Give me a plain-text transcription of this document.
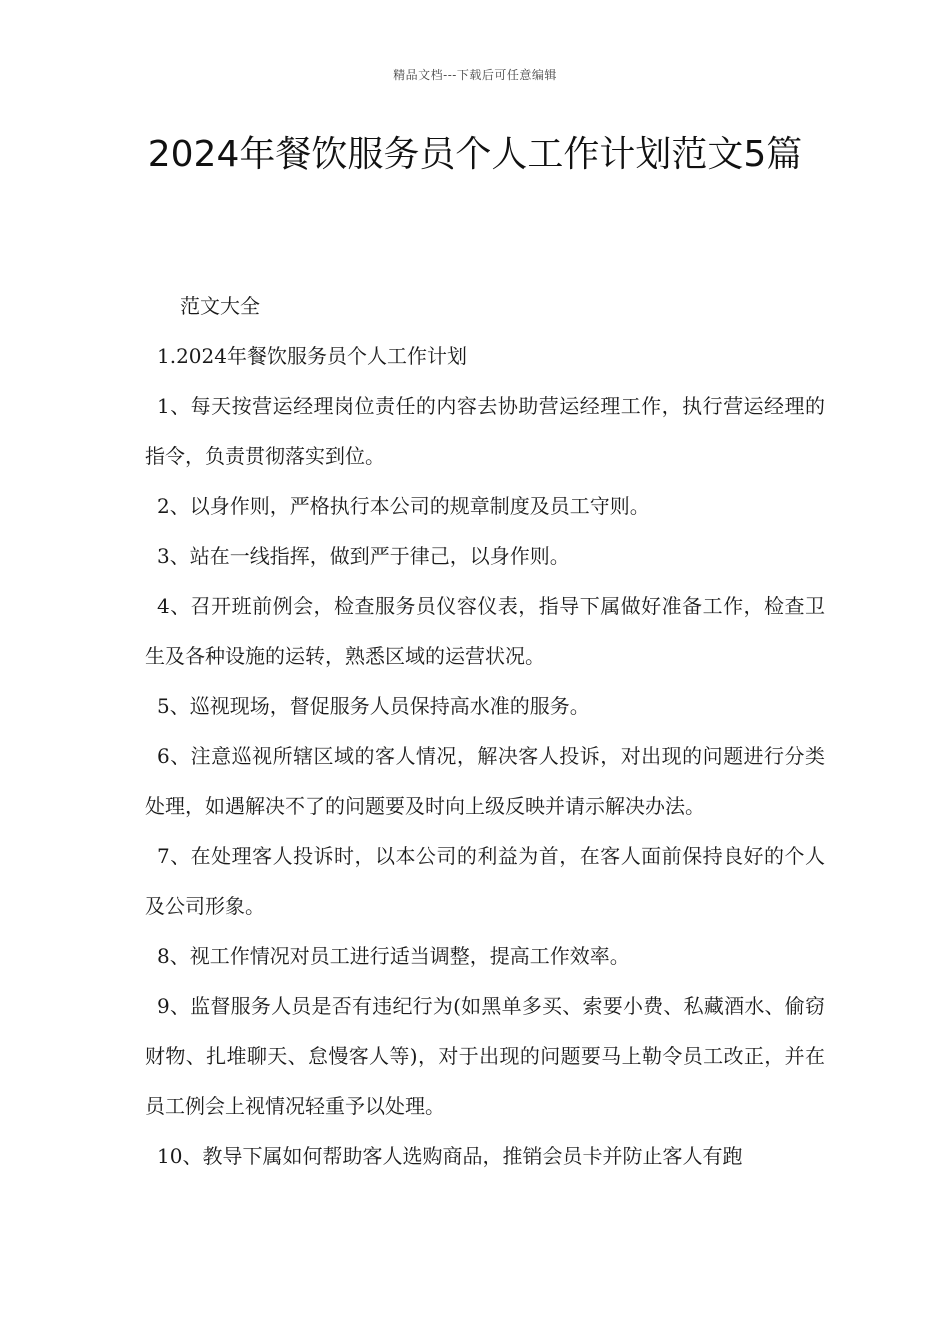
精品文档---下载后可任意编辑
2024年餐饮服务员个人工作计划范文5篇

范文大全

1.2024年餐饮服务员个人工作计划

1、每天按营运经理岗位责任的内容去协助营运经理工作，执行营运经理的指令，负责贯彻落实到位。

2、以身作则，严格执行本公司的规章制度及员工守则。

3、站在一线指挥，做到严于律己，以身作则。

4、召开班前例会，检查服务员仪容仪表，指导下属做好准备工作，检查卫生及各种设施的运转，熟悉区域的运营状况。

5、巡视现场，督促服务人员保持高水准的服务。

6、注意巡视所辖区域的客人情况，解决客人投诉，对出现的问题进行分类处理，如遇解决不了的问题要及时向上级反映并请示解决办法。

7、在处理客人投诉时，以本公司的利益为首，在客人面前保持良好的个人及公司形象。

8、视工作情况对员工进行适当调整，提高工作效率。

9、监督服务人员是否有违纪行为(如黑单多买、索要小费、私藏酒水、偷窃财物、扎堆聊天、怠慢客人等)，对于出现的问题要马上勒令员工改正，并在员工例会上视情况轻重予以处理。

10、教导下属如何帮助客人选购商品，推销会员卡并防止客人有跑
